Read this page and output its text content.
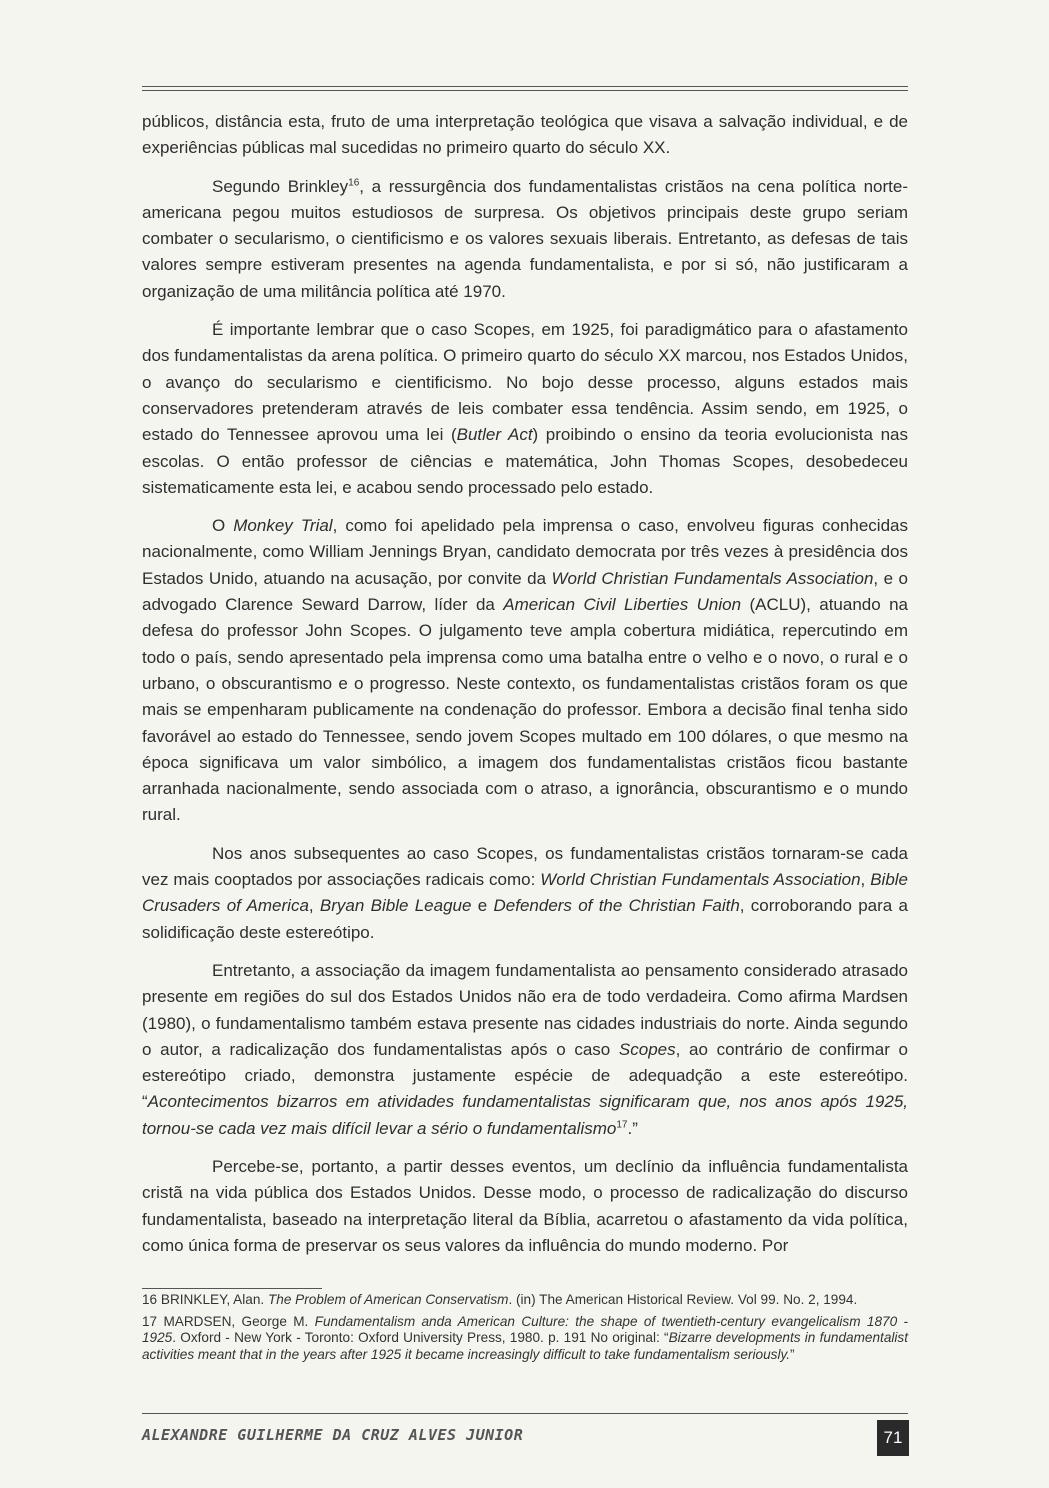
públicos, distância esta, fruto de uma interpretação teológica que visava a salvação individual, e de experiências públicas mal sucedidas no primeiro quarto do século XX.

Segundo Brinkley$^{16}$, a ressurgência dos fundamentalistas cristãos na cena política norte-americana pegou muitos estudiosos de surpresa. Os objetivos principais deste grupo seriam combater o secularismo, o cientificismo e os valores sexuais liberais. Entretanto, as defesas de tais valores sempre estiveram presentes na agenda fundamentalista, e por si só, não justificaram a organização de uma militância política até 1970.

É importante lembrar que o caso Scopes, em 1925, foi paradigmático para o afastamento dos fundamentalistas da arena política. O primeiro quarto do século XX marcou, nos Estados Unidos, o avanço do secularismo e cientificismo. No bojo desse processo, alguns estados mais conservadores pretenderam através de leis combater essa tendência. Assim sendo, em 1925, o estado do Tennessee aprovou uma lei (Butler Act) proibindo o ensino da teoria evolucionista nas escolas. O então professor de ciências e matemática, John Thomas Scopes, desobedeceu sistematicamente esta lei, e acabou sendo processado pelo estado.

O Monkey Trial, como foi apelidado pela imprensa o caso, envolveu figuras conhecidas nacionalmente, como William Jennings Bryan, candidato democrata por três vezes à presidência dos Estados Unido, atuando na acusação, por convite da World Christian Fundamentals Association, e o advogado Clarence Seward Darrow, líder da American Civil Liberties Union (ACLU), atuando na defesa do professor John Scopes. O julgamento teve ampla cobertura midiática, repercutindo em todo o país, sendo apresentado pela imprensa como uma batalha entre o velho e o novo, o rural e o urbano, o obscurantismo e o progresso. Neste contexto, os fundamentalistas cristãos foram os que mais se empenharam publicamente na condenação do professor. Embora a decisão final tenha sido favorável ao estado do Tennessee, sendo jovem Scopes multado em 100 dólares, o que mesmo na época significava um valor simbólico, a imagem dos fundamentalistas cristãos ficou bastante arranhada nacionalmente, sendo associada com o atraso, a ignorância, obscurantismo e o mundo rural.

Nos anos subsequentes ao caso Scopes, os fundamentalistas cristãos tornaram-se cada vez mais cooptados por associações radicais como: World Christian Fundamentals Association, Bible Crusaders of America, Bryan Bible League e Defenders of the Christian Faith, corroborando para a solidificação deste estereótipo.

Entretanto, a associação da imagem fundamentalista ao pensamento considerado atrasado presente em regiões do sul dos Estados Unidos não era de todo verdadeira. Como afirma Mardsen (1980), o fundamentalismo também estava presente nas cidades industriais do norte. Ainda segundo o autor, a radicalização dos fundamentalistas após o caso Scopes, ao contrário de confirmar o estereótipo criado, demonstra justamente espécie de adequadção a este estereótipo. “Acontecimentos bizarros em atividades fundamentalistas significaram que, nos anos após 1925, tornou-se cada vez mais difícil levar a sério o fundamentalismo$^{17}$.”

Percebe-se, portanto, a partir desses eventos, um declínio da influência fundamentalista cristã na vida pública dos Estados Unidos. Desse modo, o processo de radicalização do discurso fundamentalista, baseado na interpretação literal da Bíblia, acarretou o afastamento da vida política, como única forma de preservar os seus valores da influência do mundo moderno. Por

16 BRINKLEY, Alan. The Problem of American Conservatism. (in) The American Historical Review. Vol 99. No. 2, 1994.

17 MARDSEN, George M. Fundamentalism anda American Culture: the shape of twentieth-century evangelicalism 1870 - 1925. Oxford - New York - Toronto: Oxford University Press, 1980. p. 191 No original: “Bizarre developments in fundamentalist activities meant that in the years after 1925 it became increasingly difficult to take fundamentalism seriously.”

ALEXANDRE GUILHERME DA CRUZ ALVES JUNIOR	71
